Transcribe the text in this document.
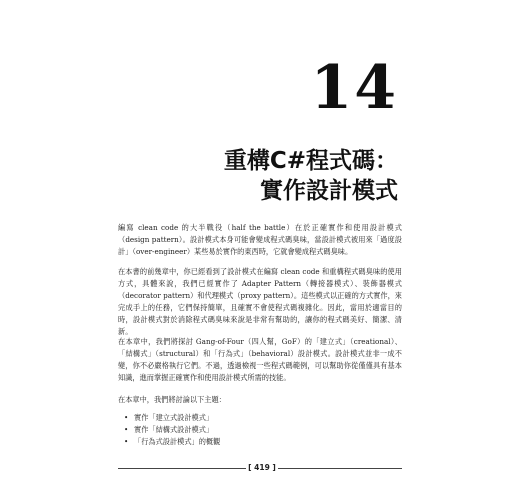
14
重構C#程式碼：
實作設計模式

編寫 clean code 的大半戰役（half the battle）在於正確實作和使用設計模式（design pattern）。設計模式本身可能會變成程式碼臭味，當設計模式被用來「過度設計」（over-engineer）某些易於實作的東西時，它就會變成程式碼臭味。

在本書的前幾章中，你已經看到了設計模式在編寫 clean code 和重構程式碼臭味的使用方式，具體來說，我們已經實作了 Adapter Pattern（轉接器模式）、裝飾器模式（decorator pattern）和代理模式（proxy pattern）。這些模式以正確的方式實作，來完成手上的任務，它們保持簡單，且確實不會使程式碼複雜化。因此，當用於適當目的時，設計模式對於消除程式碼臭味來說是非常有幫助的，讓你的程式碼美好、簡潔、清新。

在本章中，我們將探討 Gang-of-Four（四人幫，GoF）的「建立式」（creational）、「結構式」（structural）和「行為式」（behavioral）設計模式。設計模式並非一成不變，你不必嚴格執行它們。不過，透過檢視一些程式碼範例，可以幫助你從僅僅具有基本知識，進而掌握正確實作和使用設計模式所需的技能。

在本章中，我們將討論以下主題：

• 實作「建立式設計模式」
• 實作「結構式設計模式」
• 「行為式設計模式」的概觀
[ 419 ]
